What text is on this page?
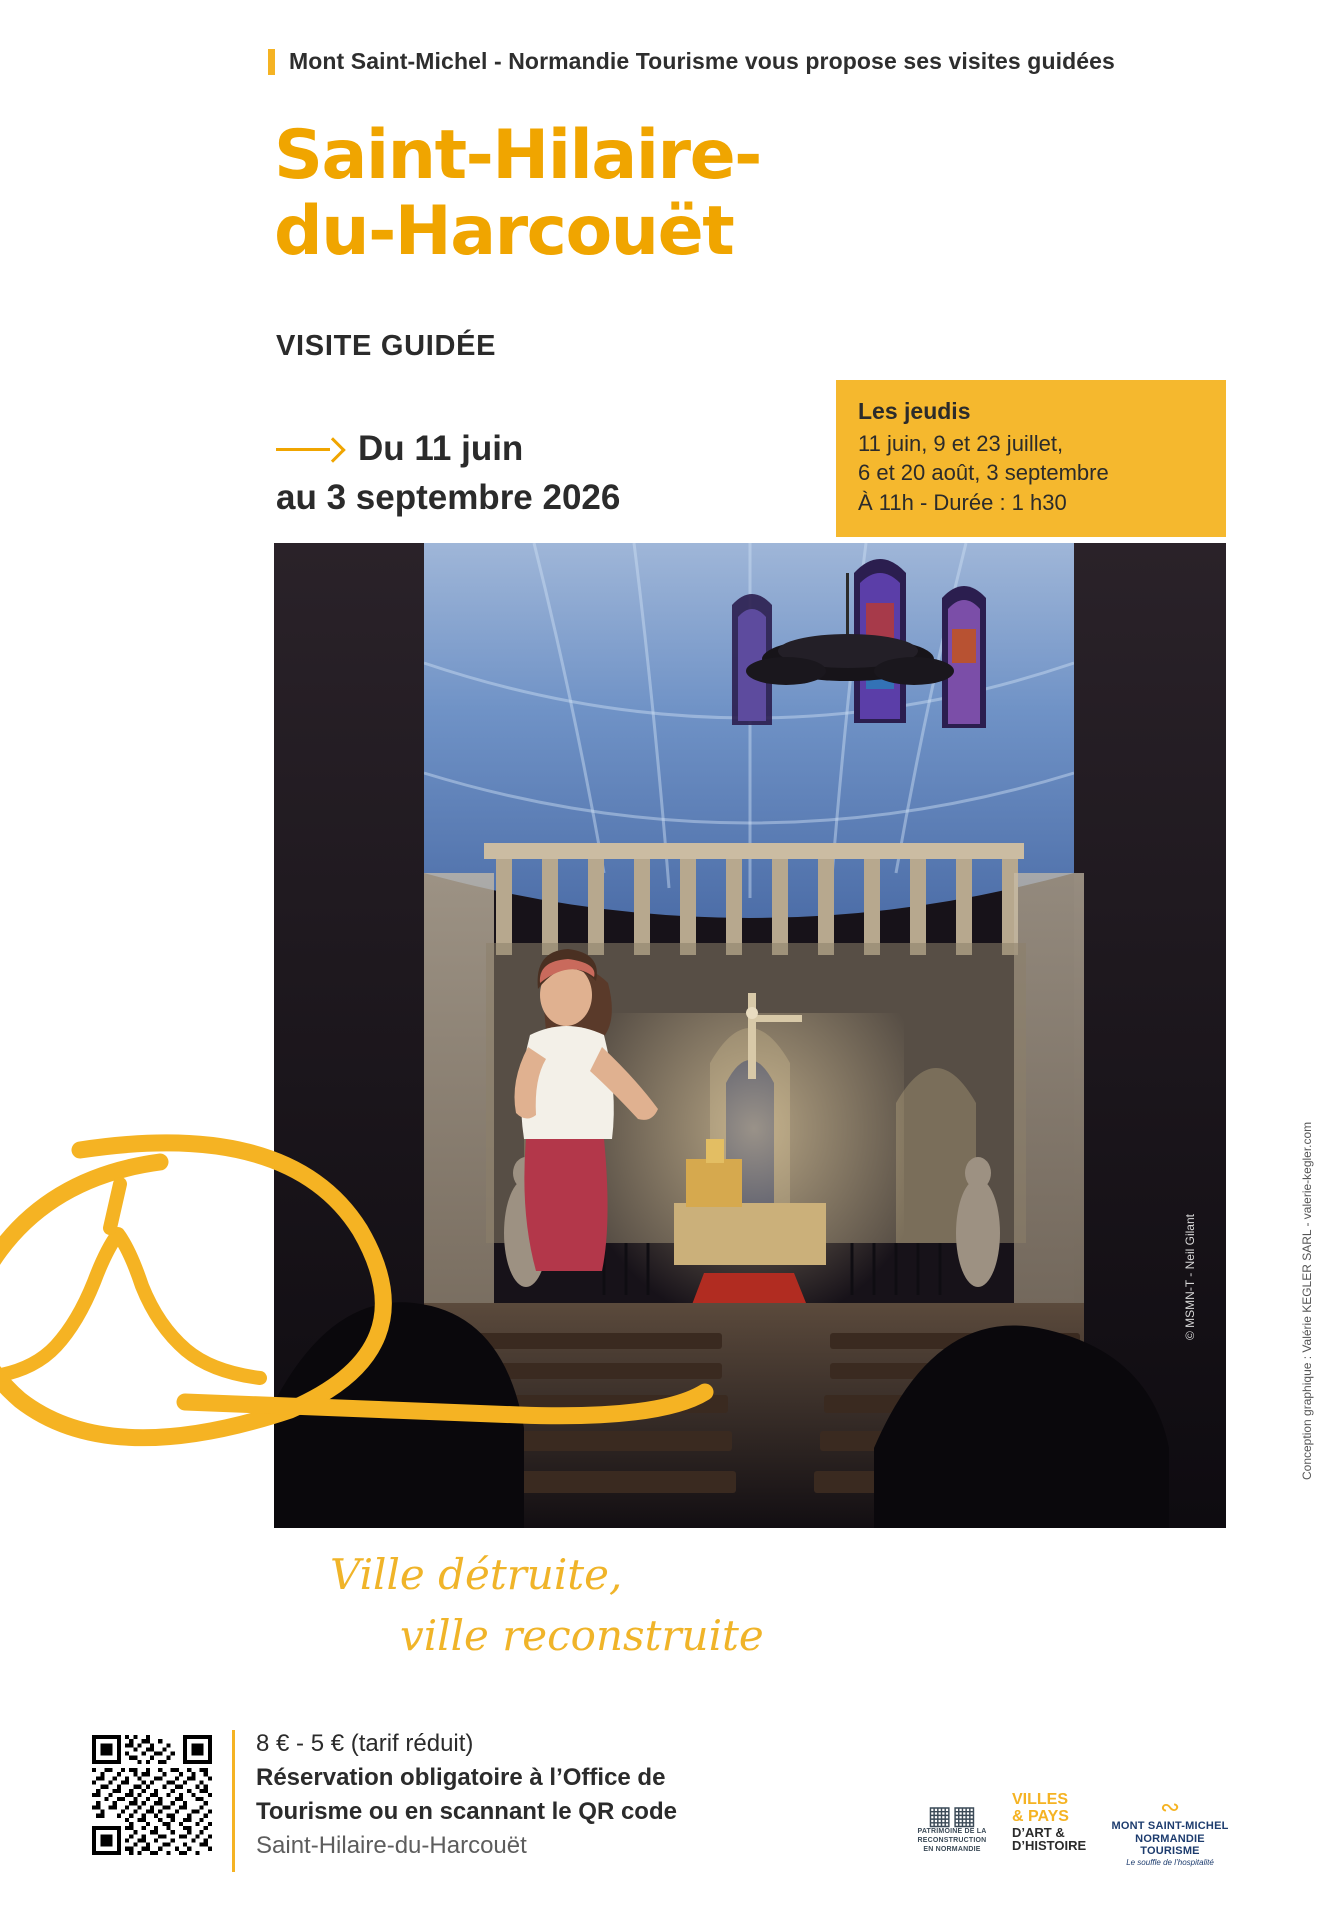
Mont Saint-Michel - Normandie Tourisme vous propose ses visites guidées
Saint-Hilaire-
du-Harcouët
VISITE GUIDÉE
Du 11 juin
au 3 septembre 2026
Les jeudis
11 juin, 9 et 23 juillet,
6 et 20 août, 3 septembre
À 11h - Durée : 1 h30
© MSMN-T - Neil Gilant	Conception graphique : Valérie KEGLER SARL - valerie-kegler.com
Ville détruite,
ville reconstruite
8 € - 5 € (tarif réduit)
Réservation obligatoire à l’Office de
Tourisme ou en scannant le QR code
Saint-Hilaire-du-Harcouët
▦▦
PATRIMOINE DE LA
RECONSTRUCTION
EN NORMANDIE
VILLES
& PAYS
D’ART &
D’HISTOIRE
∾
MONT SAINT-MICHEL
NORMANDIE TOURISME
Le souffle de l’hospitalité
